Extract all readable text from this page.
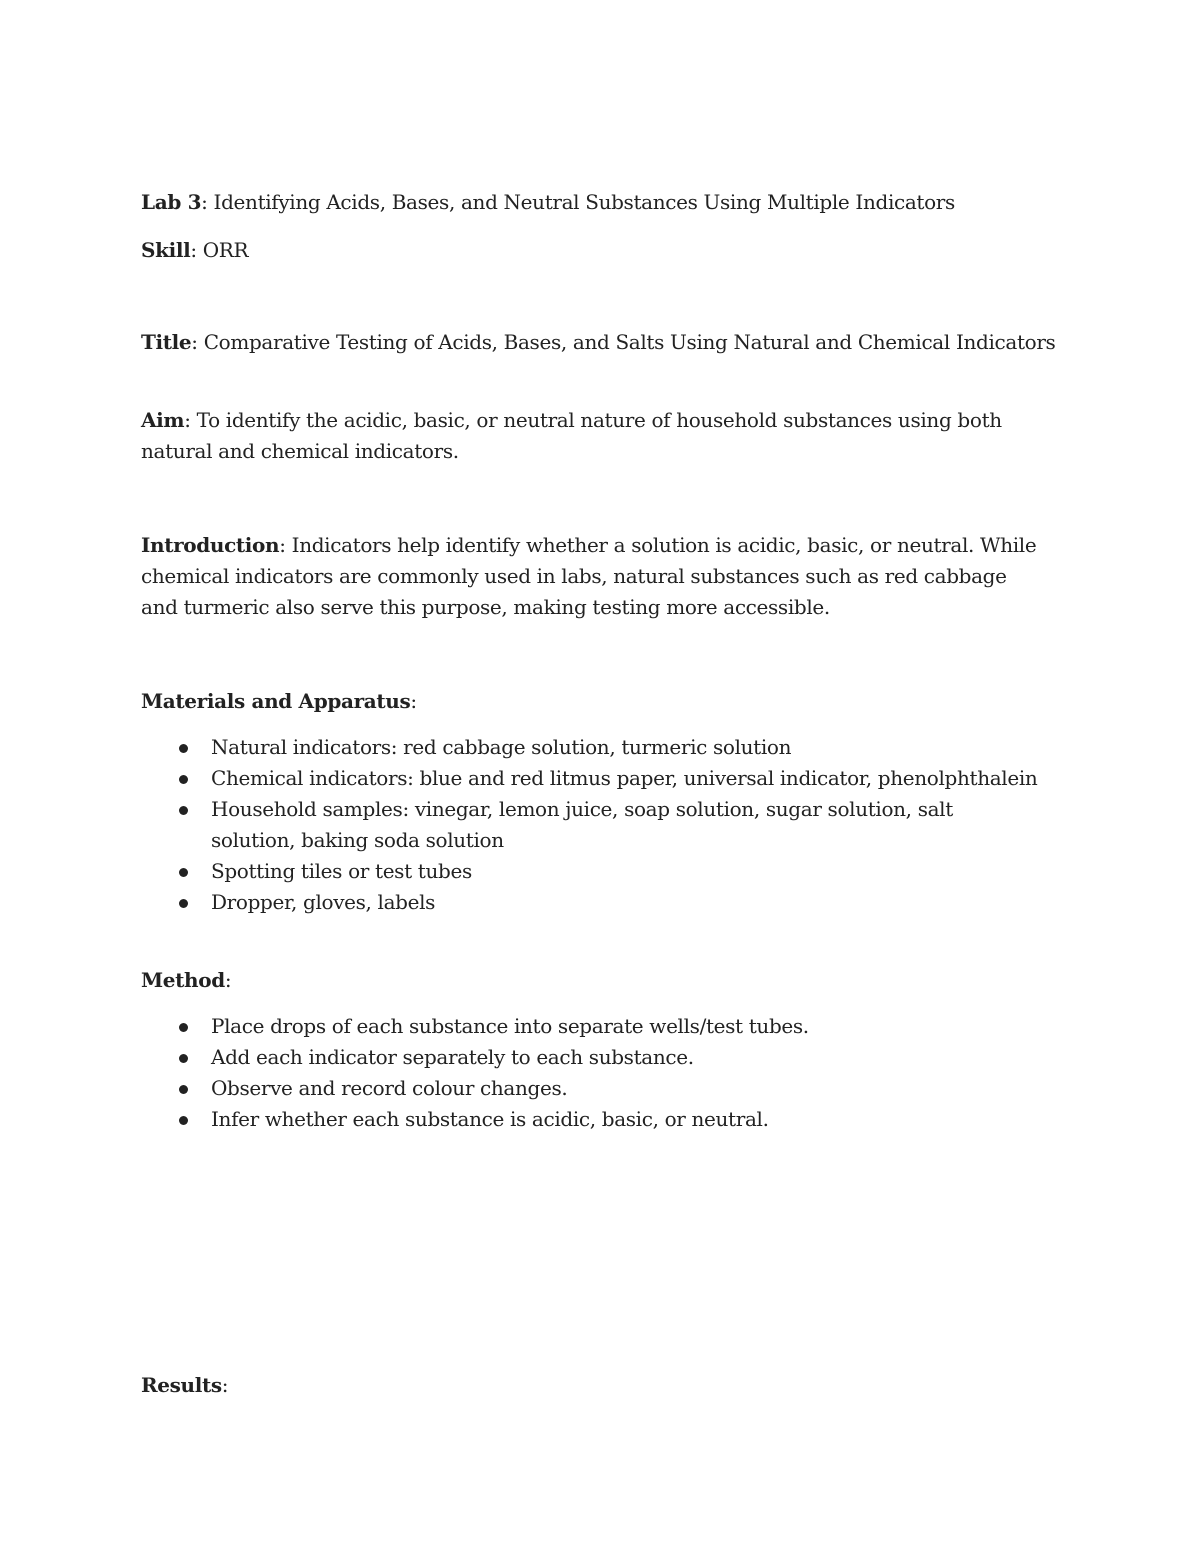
Lab 3: Identifying Acids, Bases, and Neutral Substances Using Multiple Indicators
Skill: ORR
Title: Comparative Testing of Acids, Bases, and Salts Using Natural and Chemical Indicators
Aim: To identify the acidic, basic, or neutral nature of household substances using both natural and chemical indicators.
Introduction: Indicators help identify whether a solution is acidic, basic, or neutral. While chemical indicators are commonly used in labs, natural substances such as red cabbage and turmeric also serve this purpose, making testing more accessible.
Materials and Apparatus:
Natural indicators: red cabbage solution, turmeric solution
Chemical indicators: blue and red litmus paper, universal indicator, phenolphthalein
Household samples: vinegar, lemon juice, soap solution, sugar solution, salt solution, baking soda solution
Spotting tiles or test tubes
Dropper, gloves, labels
Method:
Place drops of each substance into separate wells/test tubes.
Add each indicator separately to each substance.
Observe and record colour changes.
Infer whether each substance is acidic, basic, or neutral.
Results:
